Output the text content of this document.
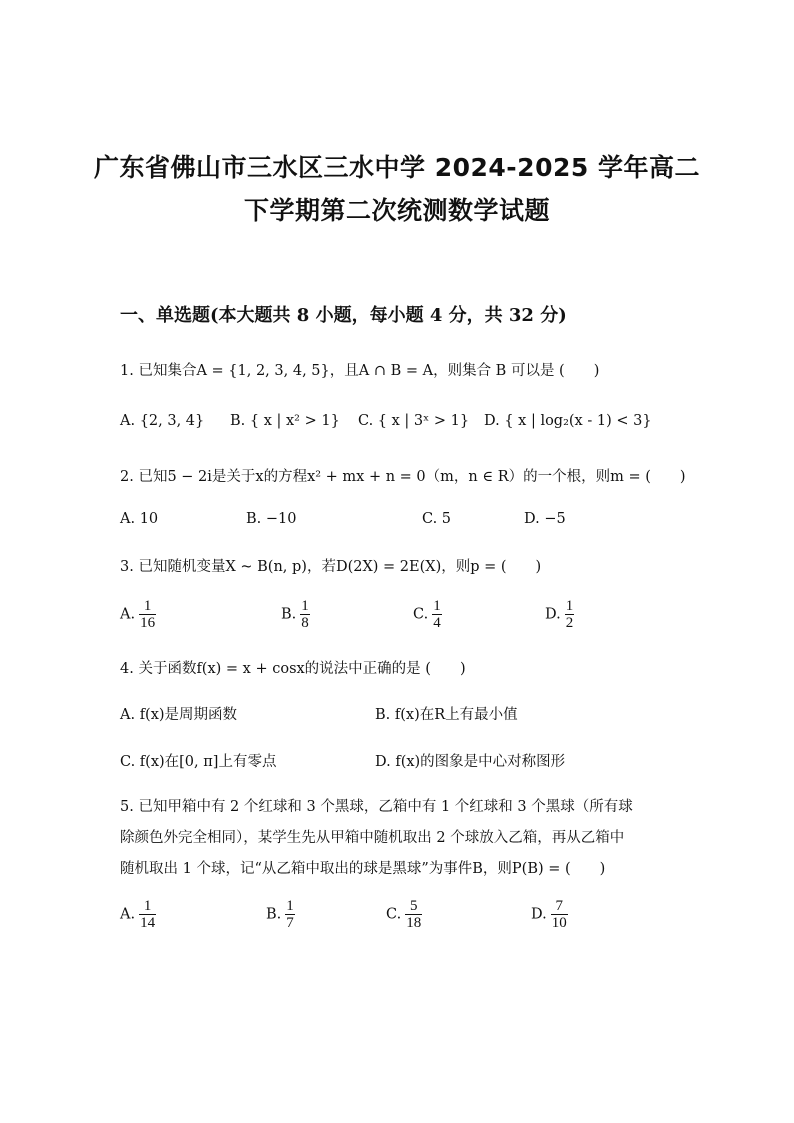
广东省佛山市三水区三水中学 2024-2025 学年高二
下学期第二次统测数学试题
一、单选题(本大题共 8 小题，每小题 4 分，共 32 分)
1. 已知集合A = {1, 2, 3, 4, 5}，且A ∩ B = A，则集合 B 可以是 (　　)
A. {2, 3, 4} B. { x | x² > 1} C. { x | 3ˣ > 1} D. { x | log₂(x - 1) < 3}
2. 已知5 − 2i是关于x的方程x² + mx + n = 0（m，n ∈ R）的一个根，则m = (　　)
A. 10	B. −10	C. 5	D. −5
3. 已知随机变量X ~ B(n, p)，若D(2X) = 2E(X)，则p = (　　)
A. $\frac{1}{16}$	B. $\frac{1}{8}$	C. $\frac{1}{4}$	D. $\frac{1}{2}$
4. 关于函数f(x) = x + cosx的说法中正确的是 (　　)
A. f(x)是周期函数	B. f(x)在R上有最小值
C. f(x)在[0, π]上有零点	D. f(x)的图象是中心对称图形
5. 已知甲箱中有 2 个红球和 3 个黑球，乙箱中有 1 个红球和 3 个黑球（所有球
除颜色外完全相同），某学生先从甲箱中随机取出 2 个球放入乙箱，再从乙箱中
随机取出 1 个球，记“从乙箱中取出的球是黑球”为事件B，则P(B) = (　　)
A. $\frac{1}{14}$	B. $\frac{1}{7}$	C. $\frac{5}{18}$	D. $\frac{7}{10}$
